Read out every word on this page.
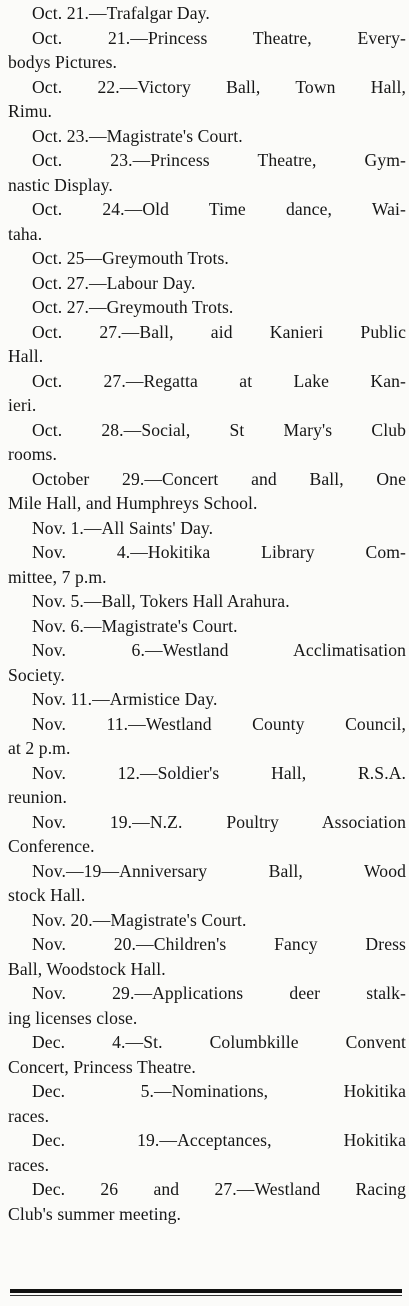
Oct. 21.—Trafalgar Day.
Oct. 21.—Princess Theatre, Every-
bodys Pictures.
Oct. 22.—Victory Ball, Town Hall,
Rimu.
Oct. 23.—Magistrate's Court.
Oct. 23.—Princess Theatre, Gym-
nastic Display.
Oct. 24.—Old Time dance, Wai-
taha.
Oct. 25—Greymouth Trots.
Oct. 27.—Labour Day.
Oct. 27.—Greymouth Trots.
Oct. 27.—Ball, aid Kanieri Public
Hall.
Oct. 27.—Regatta at Lake Kan-
ieri.
Oct. 28.—Social, St Mary's Club
rooms.
October 29.—Concert and Ball, One
Mile Hall, and Humphreys School.
Nov. 1.—All Saints' Day.
Nov. 4.—Hokitika Library Com-
mittee, 7 p.m.
Nov. 5.—Ball, Tokers Hall Arahura.
Nov. 6.—Magistrate's Court.
Nov. 6.—Westland Acclimatisation
Society.
Nov. 11.—Armistice Day.
Nov. 11.—Westland County Council,
at 2 p.m.
Nov. 12.—Soldier's Hall, R.S.A.
reunion.
Nov. 19.—N.Z. Poultry Association
Conference.
Nov.—19—Anniversary Ball, Wood
stock Hall.
Nov. 20.—Magistrate's Court.
Nov. 20.—Children's Fancy Dress
Ball, Woodstock Hall.
Nov. 29.—Applications deer stalk-
ing licenses close.
Dec. 4.—St. Columbkille Convent
Concert, Princess Theatre.
Dec. 5.—Nominations, Hokitika
races.
Dec. 19.—Acceptances, Hokitika
races.
Dec. 26 and 27.—Westland Racing
Club's summer meeting.
